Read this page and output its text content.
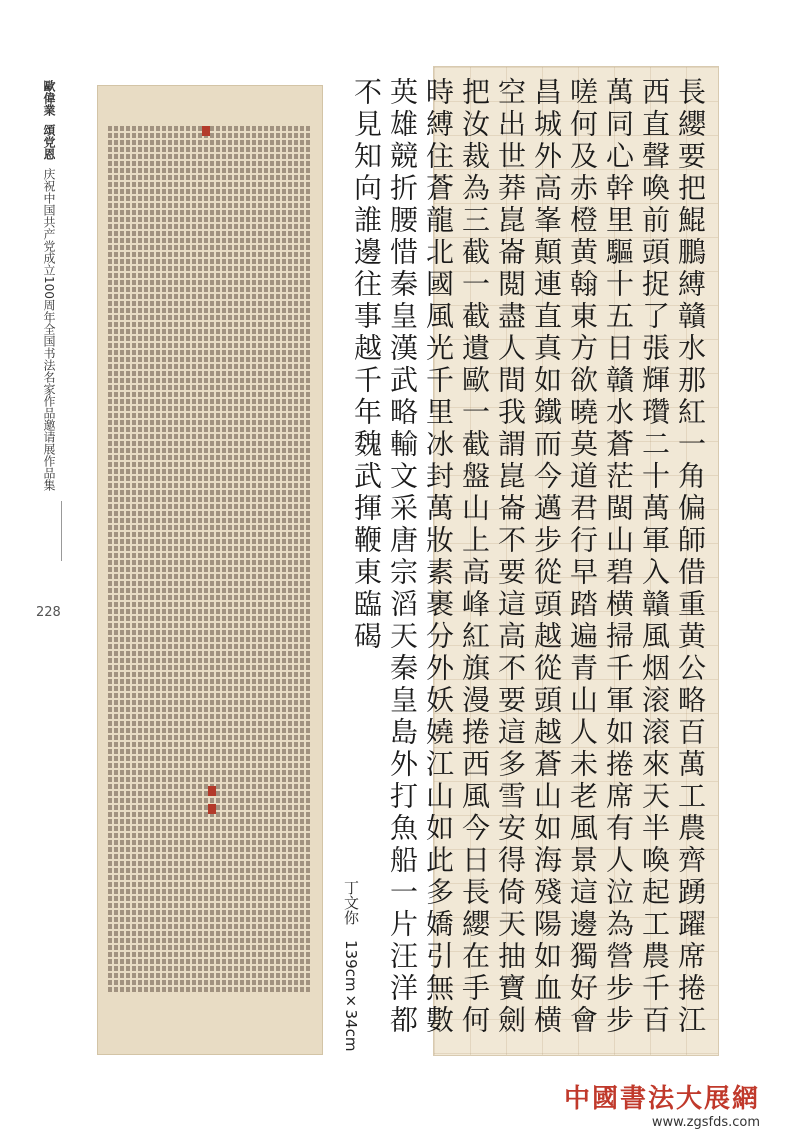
歐偉業
頌党恩
庆祝中国共产党成立100周年全国书法名家作品邀请展作品集
228
丁文你 139cm×34cm	長纓要把鯤鵬縛贛水那紅一角偏師借重黄公略百萬工農齊踴躍席捲江西直聲喚前頭捉了張輝瓚二十萬軍入贛風烟滚滚來天半喚起工農千百萬同心幹里驅十五日贛水蒼茫閩山碧横掃千軍如捲席有人泣為營步步嗟何及赤橙黄翰東方欲曉莫道君行早踏遍青山人未老風景這邊獨好會昌城外高峯顛連直真如鐵而今邁步從頭越從頭越蒼山如海殘陽如血横空出世莽崑崙閲盡人間我謂崑崙不要這高不要這多雪安得倚天抽寶劍把汝裁為三截一截遺歐一截盤山上高峰紅旗漫捲西風今日長纓在手何時縛住蒼龍北國風光千里冰封萬妝素裹分外妖嬈江山如此多嬌引無數英雄競折腰惜秦皇漢武略輸文采唐宗滔天秦皇島外打魚船一片汪洋都不見知向誰邊往事越千年魏武揮鞭東臨碣
中國書法大展網
www.zgsfds.com
